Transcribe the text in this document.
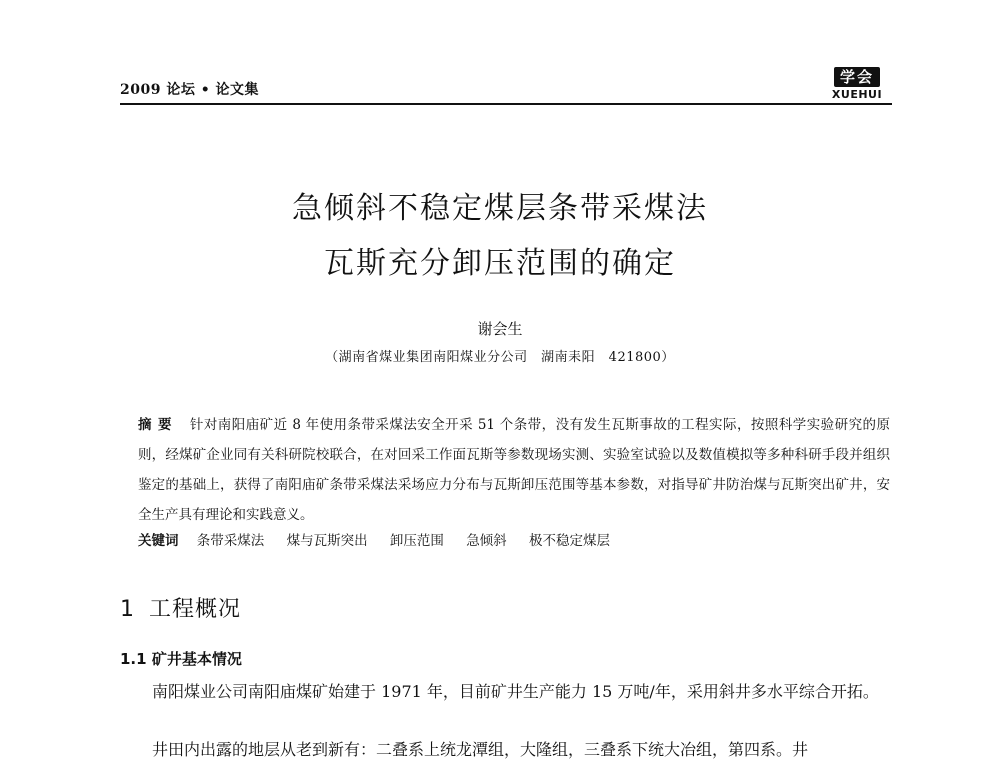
2009 论坛 • 论文集
学会
XUEHUI
急倾斜不稳定煤层条带采煤法
瓦斯充分卸压范围的确定
谢会生
（湖南省煤业集团南阳煤业分公司　湖南耒阳　421800）
摘要 针对南阳庙矿近 8 年使用条带采煤法安全开采 51 个条带，没有发生瓦斯事故的工程实际，按照科学实验研究的原则，经煤矿企业同有关科研院校联合，在对回采工作面瓦斯等参数现场实测、实验室试验以及数值模拟等多种科研手段并组织鉴定的基础上，获得了南阳庙矿条带采煤法采场应力分布与瓦斯卸压范围等基本参数，对指导矿井防治煤与瓦斯突出矿井，安全生产具有理论和实践意义。
关键词 条带采煤法 煤与瓦斯突出 卸压范围 急倾斜 极不稳定煤层
1 工程概况
1.1 矿井基本情况
南阳煤业公司南阳庙煤矿始建于 1971 年，目前矿井生产能力 15 万吨/年，采用斜井多水平综合开拓。
井田内出露的地层从老到新有：二叠系上统龙潭组，大隆组，三叠系下统大冶组，第四系。井
